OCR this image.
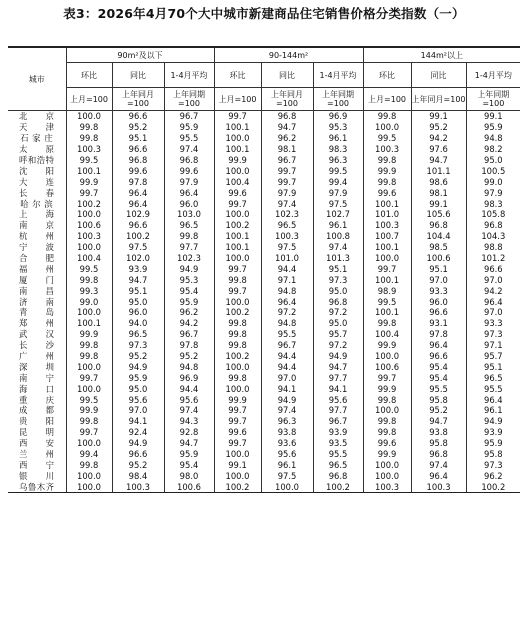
表3：2026年4月70个大中城市新建商品住宅销售价格分类指数（一）
城市	90m²及以下			90-144m²			144m²以上		
	环比	同比	1-4月平均	环比	同比	1-4月平均	环比	同比	1-4月平均
	上月=100	上年同月=100	上年同期=100	上月=100	上年同月=100	上年同期=100	上月=100	上年同月=100	上年同期=100
北　　京	100.0	96.6	96.7	99.7	96.8	96.9	99.8	99.1	99.1
天　　津	99.8	95.2	95.9	100.1	94.7	95.3	100.0	95.2	95.9
石 家 庄	99.8	95.1	95.5	100.0	96.2	96.1	99.5	94.2	94.8
太　　原	100.3	96.6	97.4	100.1	98.1	98.3	100.3	97.6	98.2
呼和浩特	99.5	96.8	96.8	99.9	96.7	96.3	99.8	94.7	95.0
沈　　阳	100.1	99.6	99.6	100.0	99.7	99.5	99.9	101.1	100.5
大　　连	99.9	97.8	97.9	100.4	99.7	99.4	99.8	98.6	99.0
长　　春	99.7	96.4	96.4	99.6	97.9	97.9	99.6	98.1	97.9
哈 尔 滨	100.2	96.4	96.0	99.7	97.4	97.5	100.1	99.1	98.3
上　　海	100.0	102.9	103.0	100.0	102.3	102.7	101.0	105.6	105.8
南　　京	100.6	96.6	96.5	100.2	96.5	96.1	100.3	96.8	96.8
杭　　州	100.3	100.2	99.8	100.1	100.3	100.8	100.7	104.4	104.3
宁　　波	100.0	97.5	97.7	100.1	97.5	97.4	100.1	98.5	98.8
合　　肥	100.4	102.0	102.3	100.0	101.0	101.3	100.0	100.6	101.2
福　　州	99.5	93.9	94.9	99.7	94.4	95.1	99.7	95.1	96.6
厦　　门	99.8	94.7	95.3	99.8	97.1	97.3	100.1	97.0	97.0
南　　昌	99.3	95.1	95.4	99.7	94.8	95.0	98.9	93.3	94.2
济　　南	99.0	95.0	95.9	100.0	96.4	96.8	99.5	96.0	96.4
青　　岛	100.0	96.0	96.2	100.2	97.2	97.2	100.1	96.6	97.0
郑　　州	100.1	94.0	94.2	99.8	94.8	95.0	99.8	93.1	93.3
武　　汉	99.9	96.5	96.7	99.8	95.5	95.7	100.4	97.8	97.3
长　　沙	99.8	97.3	97.8	99.8	96.7	97.2	99.9	96.4	97.1
广　　州	99.8	95.2	95.2	100.2	94.4	94.9	100.0	96.6	95.7
深　　圳	100.0	94.9	94.8	100.0	94.4	94.7	100.6	95.4	95.1
南　　宁	99.7	95.9	96.9	99.8	97.0	97.7	99.7	95.4	96.5
海　　口	100.0	95.0	94.4	100.0	94.1	94.1	99.9	95.5	95.5
重　　庆	99.5	95.6	95.6	99.9	94.9	95.6	99.8	95.8	96.4
成　　都	99.9	97.0	97.4	99.7	97.4	97.7	100.0	95.2	96.1
贵　　阳	99.8	94.1	94.3	99.7	96.3	96.7	99.8	94.7	94.9
昆　　明	99.7	92.4	92.8	99.6	93.8	93.9	99.8	93.8	93.9
西　　安	100.0	94.9	94.7	99.7	93.6	93.5	99.6	95.8	95.9
兰　　州	99.4	96.6	95.9	100.0	95.6	95.5	99.9	96.8	95.8
西　　宁	99.8	95.2	95.4	99.1	96.1	96.5	100.0	97.4	97.3
银　　川	100.0	98.4	98.0	100.0	97.5	96.8	100.0	96.4	96.2
乌鲁木齐	100.0	100.3	100.6	100.2	100.0	100.2	100.3	100.3	100.2
